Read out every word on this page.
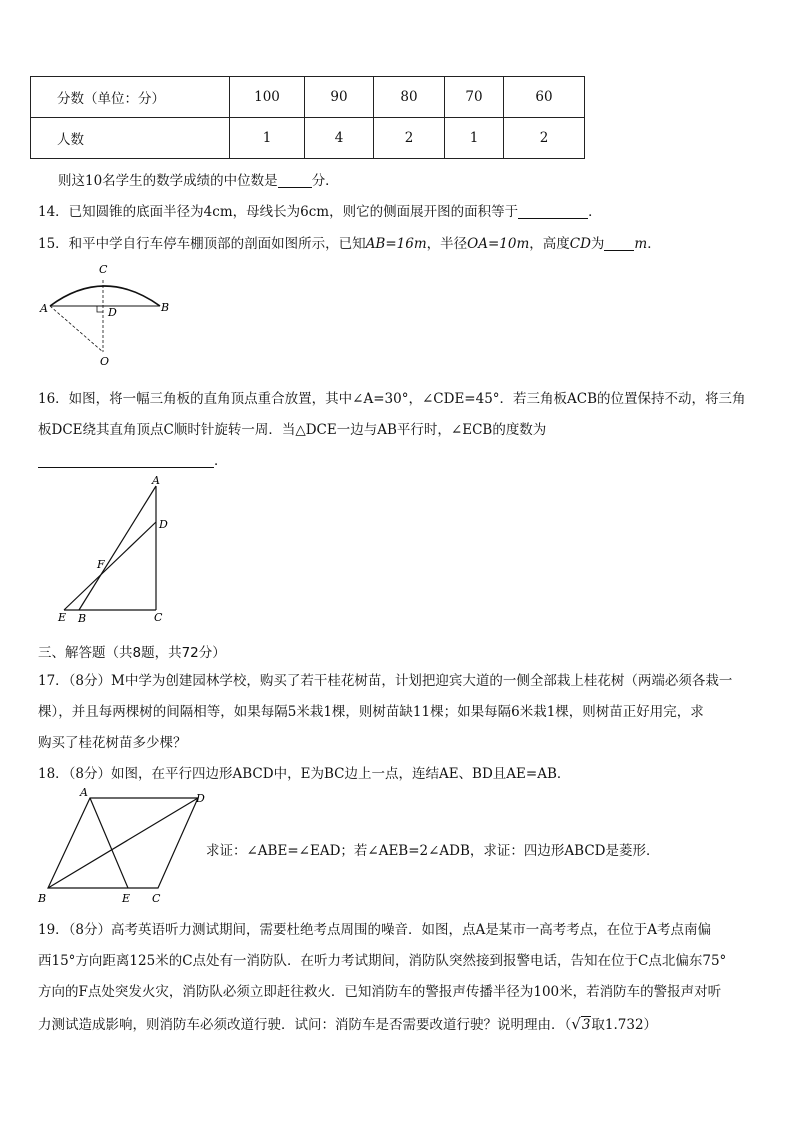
分数（单位：分）	100	90	80	70	60
人数	1	4	2	1	2
则这10名学生的数学成绩的中位数是	分．
14．已知圆锥的底面半径为4cm，母线长为6cm，则它的侧面展开图的面积等于	．
15．和平中学自行车停车棚顶部的剖面如图所示，已知AB=16m，半径OA=10m，高度CD为 m．
C
A	B
D
O
16．如图，将一幅三角板的直角顶点重合放置，其中∠A=30°，∠CDE=45°．若三角板ACB的位置保持不动，将三角
板DCE绕其直角顶点C顺时针旋转一周．当△DCE一边与AB平行时，∠ECB的度数为
．
A
D
F
E B	C
三、解答题（共8题，共72分）
17．（8分）M中学为创建园林学校，购买了若干桂花树苗，计划把迎宾大道的一侧全部栽上桂花树（两端必须各栽一
棵），并且每两棵树的间隔相等，如果每隔5米栽1棵，则树苗缺11棵；如果每隔6米栽1棵，则树苗正好用完，求
购买了桂花树苗多少棵？
18．（8分）如图，在平行四边形ABCD中，E为BC边上一点，连结AE、BD且AE=AB．
A	D
B	E C
求证：∠ABE=∠EAD；若∠AEB=2∠ADB，求证：四边形ABCD是菱形．
19．（8分）高考英语听力测试期间，需要杜绝考点周围的噪音．如图，点A是某市一高考考点，在位于A考点南偏
西15°方向距离125米的C点处有一消防队．在听力考试期间，消防队突然接到报警电话，告知在位于C点北偏东75°
方向的F点处突发火灾，消防队必须立即赶往救火．已知消防车的警报声传播半径为100米，若消防车的警报声对听
力测试造成影响，则消防车必须改道行驶．试问：消防车是否需要改道行驶？说明理由．（√3取1.732）
